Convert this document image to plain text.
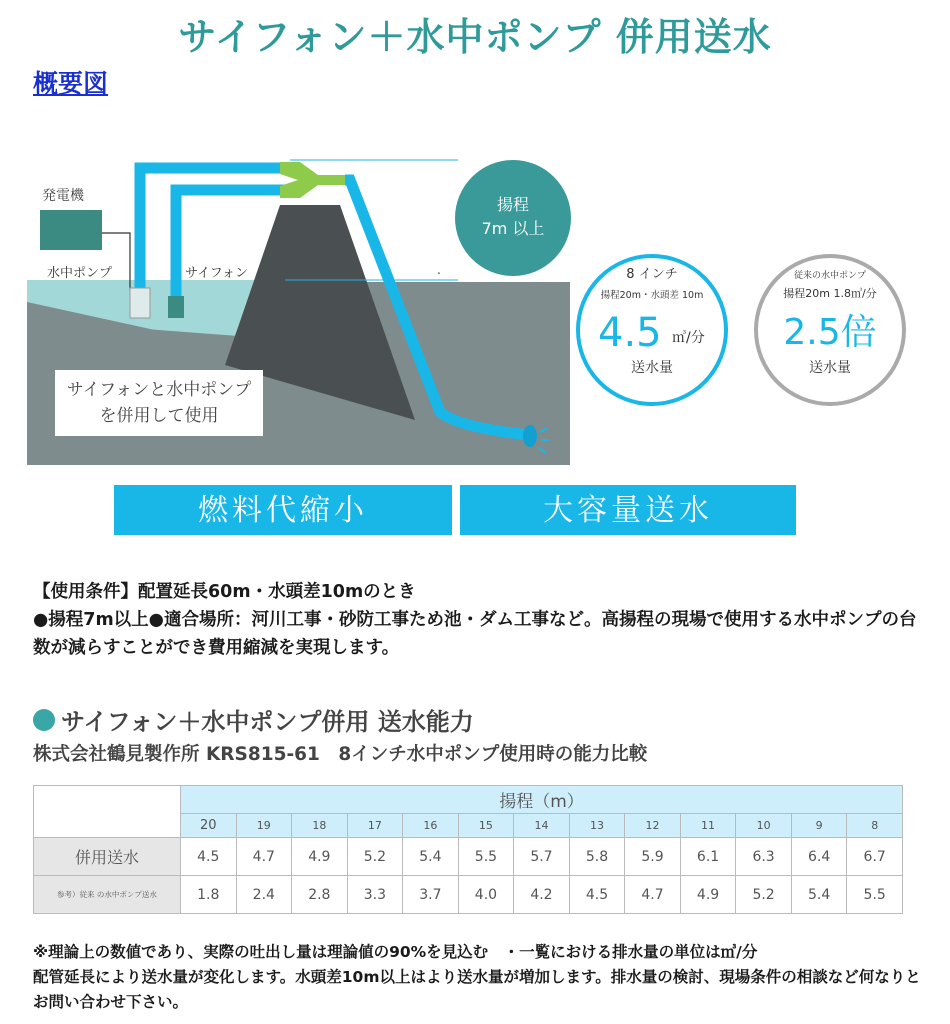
サイフォン＋水中ポンプ 併用送水
概要図
発電機
水中ポンプ	サイフォン	.
サイフォンと水中ポンプ
を併用して使用
揚程
7m 以上
8 インチ
揚程20m・水頭差 10m
4.5 ㎥/分
送水量
従来の水中ポンプ
揚程20m 1.8㎥/分
2.5倍
送水量
燃料代縮小	大容量送水
【使用条件】配置延長60m・水頭差10mのとき
●揚程7m以上●適合場所：河川工事・砂防工事ため池・ダム工事など。高揚程の現場で使用する水中ポンプの台数が減らすことができ費用縮減を実現します。
サイフォン＋水中ポンプ併用 送水能力
株式会社鶴見製作所 KRS815-61　8インチ水中ポンプ使用時の能力比較
	揚程（m）												
	20	19	18	17	16	15	14	13	12	11	10	9	8
併用送水	4.5	4.7	4.9	5.2	5.4	5.5	5.7	5.8	5.9	6.1	6.3	6.4	6.7
参考）従来 の水中ポンプ送水	1.8	2.4	2.8	3.3	3.7	4.0	4.2	4.5	4.7	4.9	5.2	5.4	5.5
※理論上の数値であり、実際の吐出し量は理論値の90%を見込む　・一覧における排水量の単位は㎥/分
配管延長により送水量が変化します。水頭差10m以上はより送水量が増加します。排水量の検討、現場条件の相談など何なりとお問い合わせ下さい。
